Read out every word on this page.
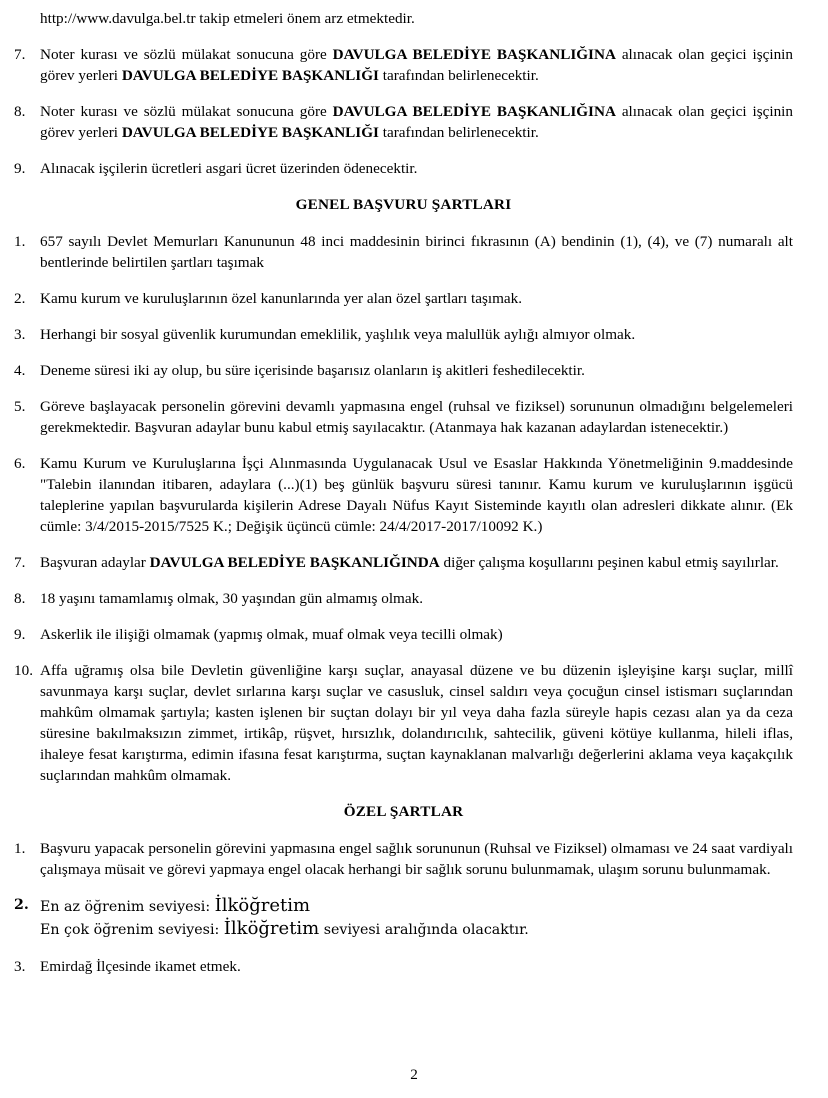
http://www.davulga.bel.tr takip etmeleri önem arz etmektedir.

7. Noter kurası ve sözlü mülakat sonucuna göre DAVULGA BELEDİYE BAŞKANLIĞINA alınacak olan geçici işçinin görev yerleri DAVULGA BELEDİYE BAŞKANLIĞI tarafından belirlenecektir.
8. Noter kurası ve sözlü mülakat sonucuna göre DAVULGA BELEDİYE BAŞKANLIĞINA alınacak olan geçici işçinin görev yerleri DAVULGA BELEDİYE BAŞKANLIĞI tarafından belirlenecektir.
9. Alınacak işçilerin ücretleri asgari ücret üzerinden ödenecektir.
GENEL BAŞVURU ŞARTLARI
1. 657 sayılı Devlet Memurları Kanununun 48 inci maddesinin birinci fıkrasının (A) bendinin (1), (4), ve (7) numaralı alt bentlerinde belirtilen şartları taşımak
2. Kamu kurum ve kuruluşlarının özel kanunlarında yer alan özel şartları taşımak.
3. Herhangi bir sosyal güvenlik kurumundan emeklilik, yaşlılık veya malullük aylığı almıyor olmak.
4. Deneme süresi iki ay olup, bu süre içerisinde başarısız olanların iş akitleri feshedilecektir.
5. Göreve başlayacak personelin görevini devamlı yapmasına engel (ruhsal ve fiziksel) sorununun olmadığını belgelemeleri gerekmektedir. Başvuran adaylar bunu kabul etmiş sayılacaktır. (Atanmaya hak kazanan adaylardan istenecektir.)
6. Kamu Kurum ve Kuruluşlarına İşçi Alınmasında Uygulanacak Usul ve Esaslar Hakkında Yönetmeliğinin 9.maddesinde "Talebin ilanından itibaren, adaylara (...)(1) beş günlük başvuru süresi tanınır. Kamu kurum ve kuruluşlarının işgücü taleplerine yapılan başvurularda kişilerin Adrese Dayalı Nüfus Kayıt Sisteminde kayıtlı olan adresleri dikkate alınır. (Ek cümle: 3/4/2015-2015/7525 K.; Değişik üçüncü cümle: 24/4/2017-2017/10092 K.)
7. Başvuran adaylar DAVULGA BELEDİYE BAŞKANLIĞINDA diğer çalışma koşullarını peşinen kabul etmiş sayılırlar.
8. 18 yaşını tamamlamış olmak, 30 yaşından gün almamış olmak.
9. Askerlik ile ilişiği olmamak (yapmış olmak, muaf olmak veya tecilli olmak)
10. Affa uğramış olsa bile Devletin güvenliğine karşı suçlar, anayasal düzene ve bu düzenin işleyişine karşı suçlar, millî savunmaya karşı suçlar, devlet sırlarına karşı suçlar ve casusluk, cinsel saldırı veya çocuğun cinsel istismarı suçlarından mahkûm olmamak şartıyla; kasten işlenen bir suçtan dolayı bir yıl veya daha fazla süreyle hapis cezası alan ya da ceza süresine bakılmaksızın zimmet, irtikâp, rüşvet, hırsızlık, dolandırıcılık, sahtecilik, güveni kötüye kullanma, hileli iflas, ihaleye fesat karıştırma, edimin ifasına fesat karıştırma, suçtan kaynaklanan malvarlığı değerlerini aklama veya kaçakçılık suçlarından mahkûm olmamak.
ÖZEL ŞARTLAR
1. Başvuru yapacak personelin görevini yapmasına engel sağlık sorununun (Ruhsal ve Fiziksel) olmaması ve 24 saat vardiyalı çalışmaya müsait ve görevi yapmaya engel olacak herhangi bir sağlık sorunu bulunmamak, ulaşım sorunu bulunmamak.
2. En az öğrenim seviyesi: İlköğretim
En çok öğrenim seviyesi: İlköğretim seviyesi aralığında olacaktır.
3. Emirdağ İlçesinde ikamet etmek.
2
